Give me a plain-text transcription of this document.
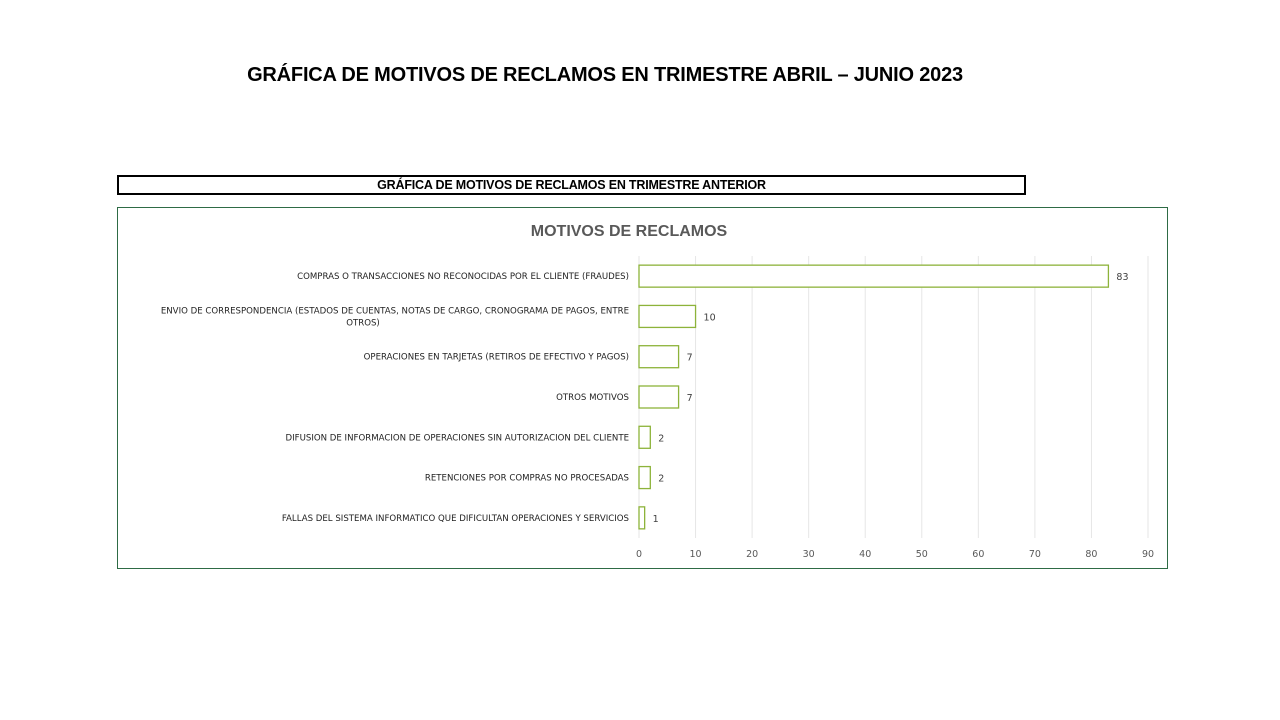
GRÁFICA DE MOTIVOS DE RECLAMOS EN TRIMESTRE ABRIL – JUNIO 2023
GRÁFICA DE MOTIVOS DE RECLAMOS EN TRIMESTRE ANTERIOR
MOTIVOS DE RECLAMOS
COMPRAS O TRANSACCIONES NO RECONOCIDAS POR EL CLIENTE (FRAUDES)
ENVIO DE CORRESPONDENCIA (ESTADOS DE CUENTAS, NOTAS DE CARGO, CRONOGRAMA DE PAGOS, ENTRE
OTROS)
OPERACIONES EN TARJETAS (RETIROS DE EFECTIVO Y PAGOS)
OTROS MOTIVOS
DIFUSION DE INFORMACION DE OPERACIONES SIN AUTORIZACION DEL CLIENTE
RETENCIONES POR COMPRAS NO PROCESADAS
FALLAS DEL SISTEMA INFORMATICO QUE DIFICULTAN OPERACIONES Y SERVICIOS
83
10
7
7
2
2
1
0	10	20	30	40	50	60	70	80	90
